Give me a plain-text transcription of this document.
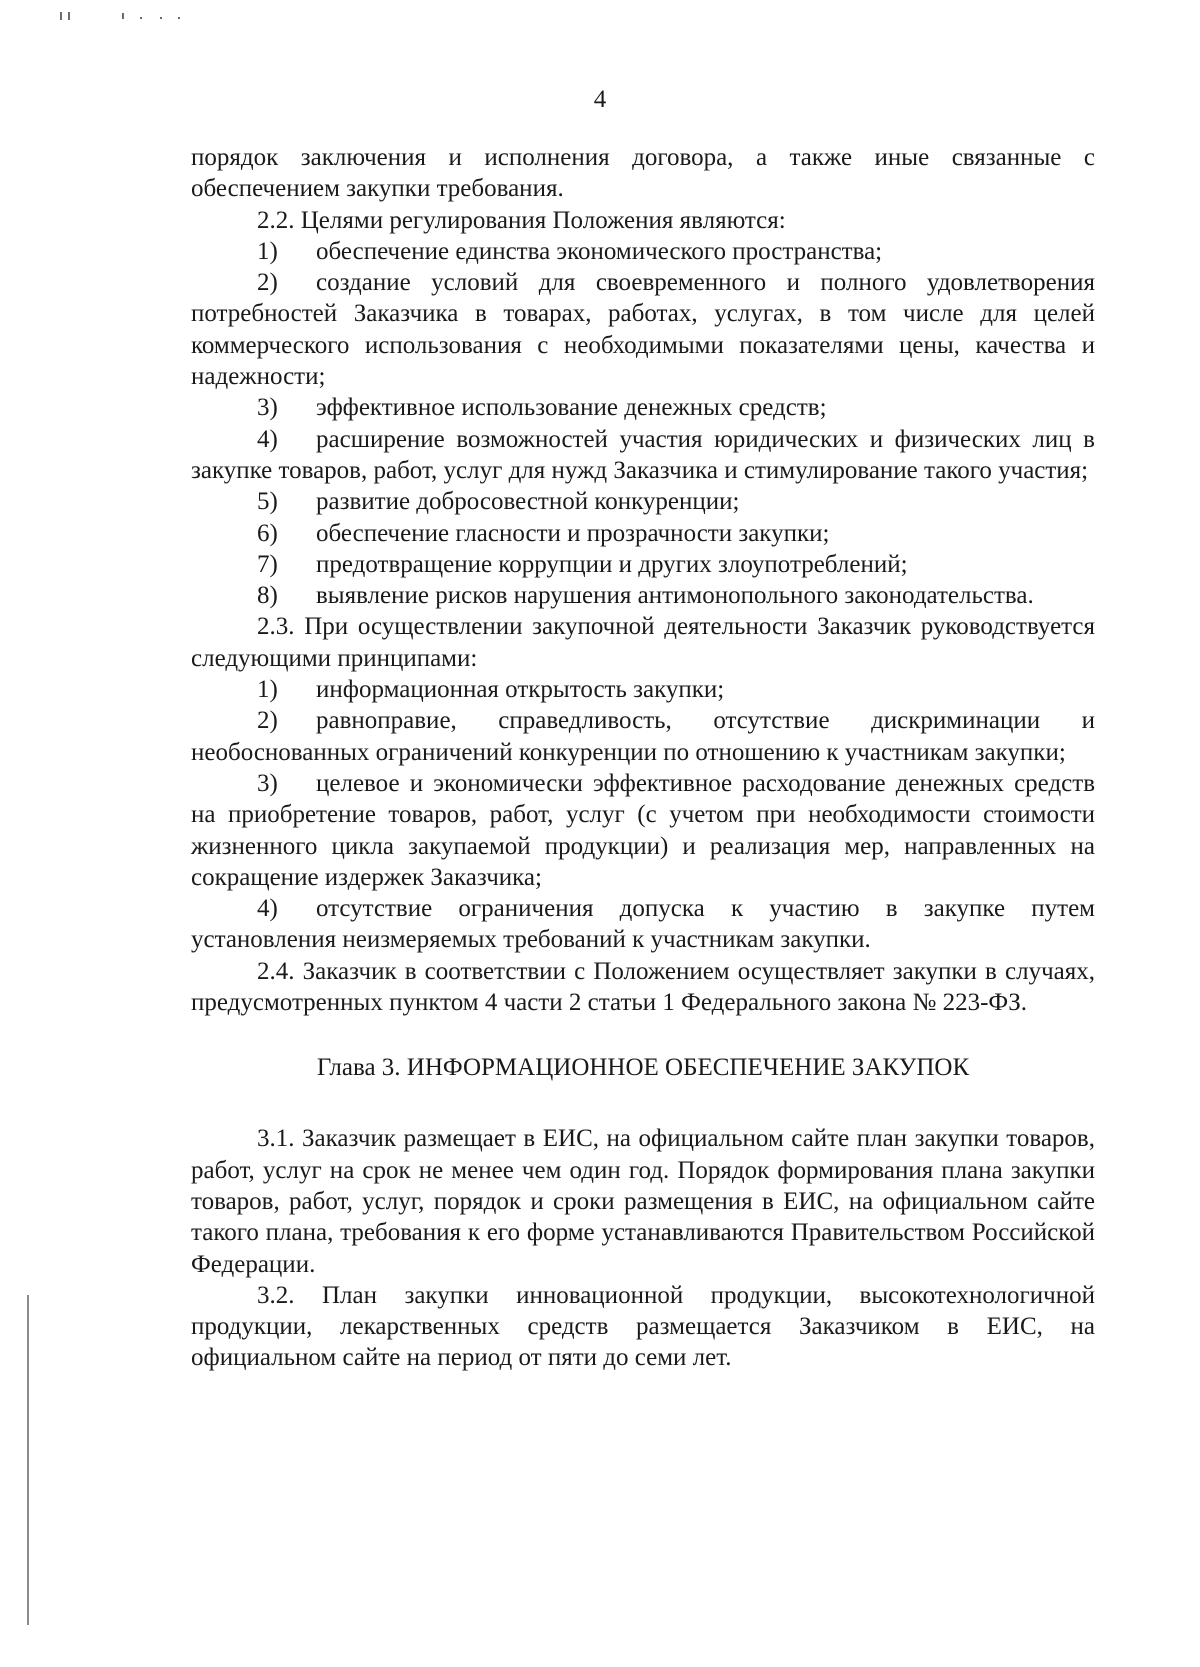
4

порядок заключения и исполнения договора, а также иные связанные с обеспечением закупки требования.

2.2. Целями регулирования Положения являются:

1) обеспечение единства экономического пространства;

2) создание условий для своевременного и полного удовлетворения потребностей Заказчика в товарах, работах, услугах, в том числе для целей коммерческого использования с необходимыми показателями цены, качества и надежности;

3) эффективное использование денежных средств;

4) расширение возможностей участия юридических и физических лиц в закупке товаров, работ, услуг для нужд Заказчика и стимулирование такого участия;

5) развитие добросовестной конкуренции;

6) обеспечение гласности и прозрачности закупки;

7) предотвращение коррупции и других злоупотреблений;

8) выявление рисков нарушения антимонопольного законодательства.

2.3. При осуществлении закупочной деятельности Заказчик руководствуется следующими принципами:

1) информационная открытость закупки;

2) равноправие, справедливость, отсутствие дискриминации и необоснованных ограничений конкуренции по отношению к участникам закупки;

3) целевое и экономически эффективное расходование денежных средств на приобретение товаров, работ, услуг (с учетом при необходимости стоимости жизненного цикла закупаемой продукции) и реализация мер, направленных на сокращение издержек Заказчика;

4) отсутствие ограничения допуска к участию в закупке путем установления неизмеряемых требований к участникам закупки.

2.4. Заказчик в соответствии с Положением осуществляет закупки в случаях, предусмотренных пунктом 4 части 2 статьи 1 Федерального закона № 223-ФЗ.

Глава 3. ИНФОРМАЦИОННОЕ ОБЕСПЕЧЕНИЕ ЗАКУПОК

3.1. Заказчик размещает в ЕИС, на официальном сайте план закупки товаров, работ, услуг на срок не менее чем один год. Порядок формирования плана закупки товаров, работ, услуг, порядок и сроки размещения в ЕИС, на официальном сайте такого плана, требования к его форме устанавливаются Правительством Российской Федерации.

3.2. План закупки инновационной продукции, высокотехнологичной продукции, лекарственных средств размещается Заказчиком в ЕИС, на официальном сайте на период от пяти до семи лет.
